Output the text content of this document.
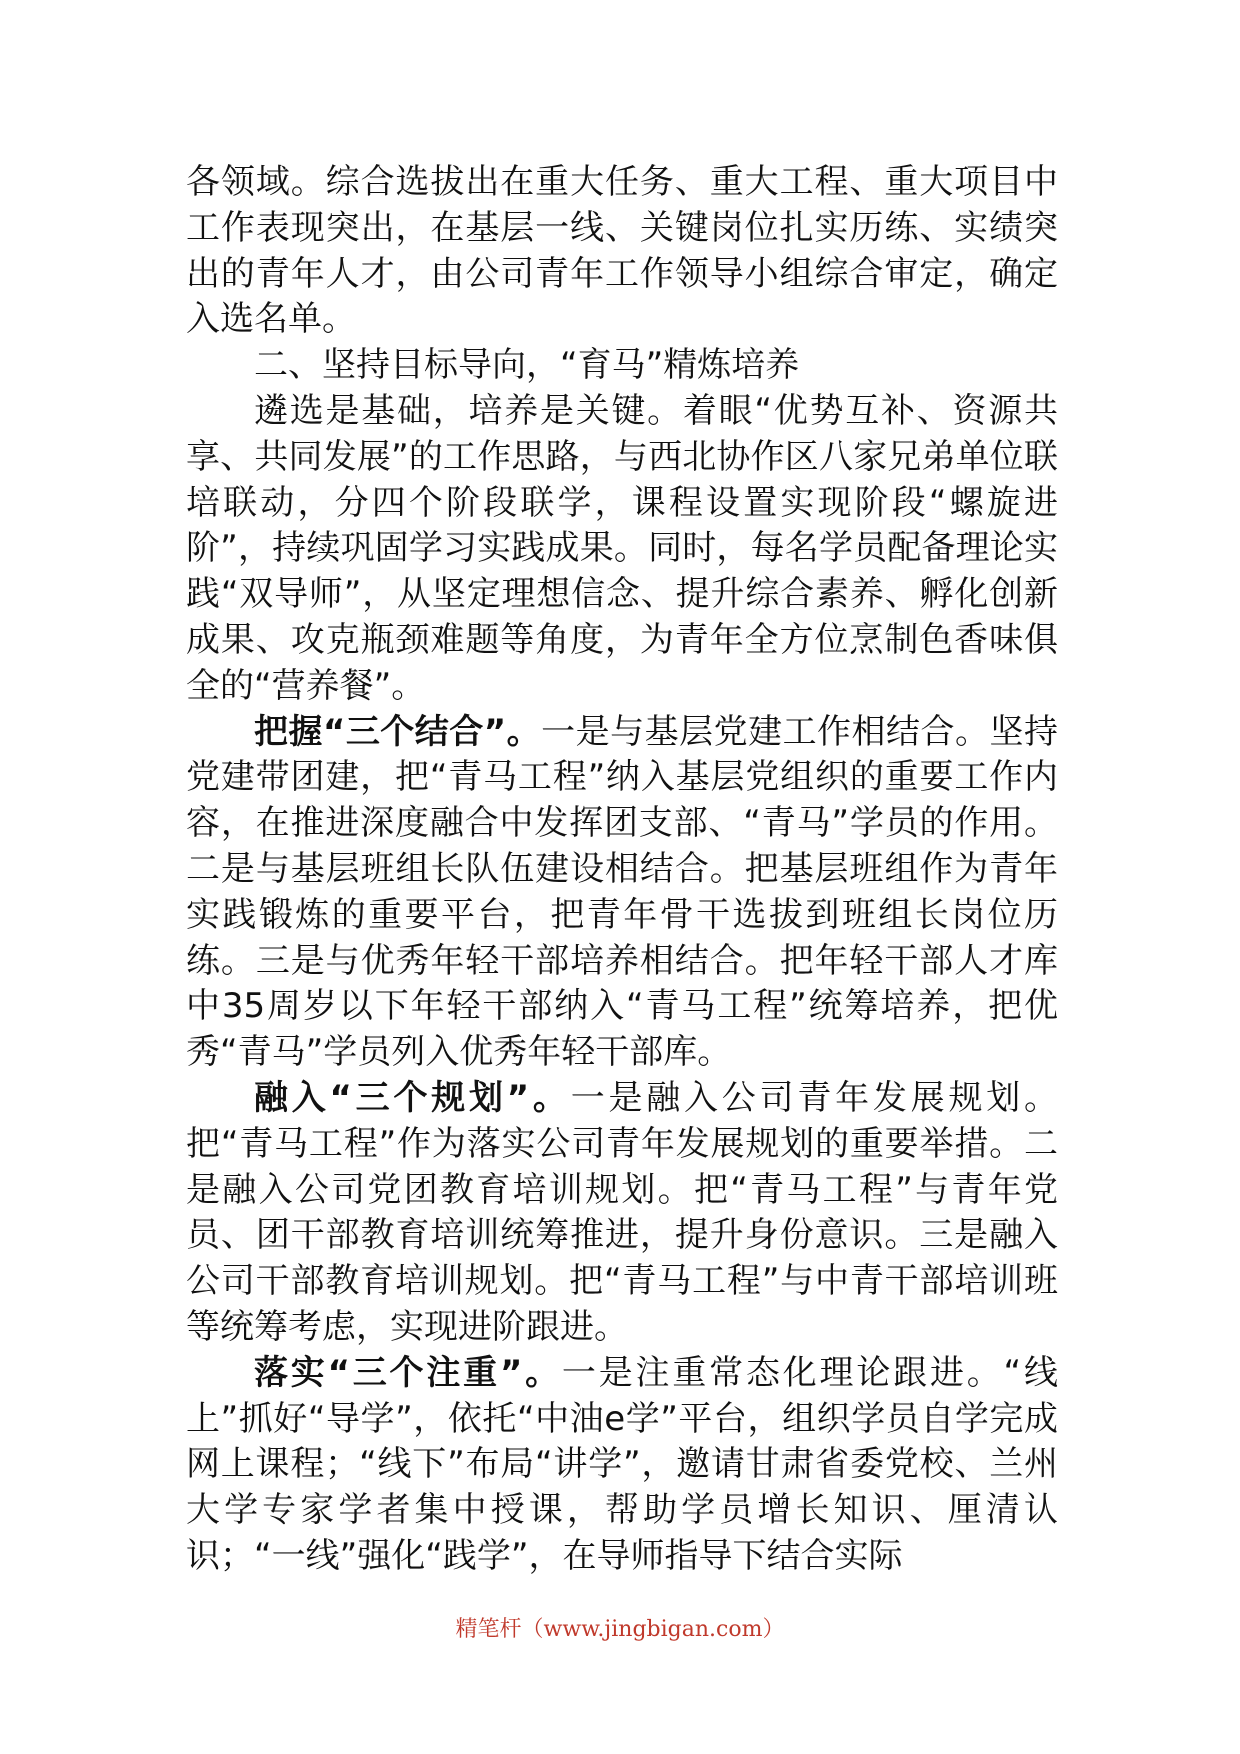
各领域。综合选拔出在重大任务、重大工程、重大项目中工作表现突出，在基层一线、关键岗位扎实历练、实绩突出的青年人才，由公司青年工作领导小组综合审定，确定入选名单。

二、坚持目标导向，“育马”精炼培养

遴选是基础，培养是关键。着眼“优势互补、资源共享、共同发展”的工作思路，与西北协作区八家兄弟单位联培联动，分四个阶段联学，课程设置实现阶段“螺旋进阶”，持续巩固学习实践成果。同时，每名学员配备理论实践“双导师”，从坚定理想信念、提升综合素养、孵化创新成果、攻克瓶颈难题等角度，为青年全方位烹制色香味俱全的“营养餐”。

把握“三个结合”。一是与基层党建工作相结合。坚持党建带团建，把“青马工程”纳入基层党组织的重要工作内容，在推进深度融合中发挥团支部、“青马”学员的作用。二是与基层班组长队伍建设相结合。把基层班组作为青年实践锻炼的重要平台，把青年骨干选拔到班组长岗位历练。三是与优秀年轻干部培养相结合。把年轻干部人才库中35周岁以下年轻干部纳入“青马工程”统筹培养，把优秀“青马”学员列入优秀年轻干部库。

融入“三个规划”。一是融入公司青年发展规划。把“青马工程”作为落实公司青年发展规划的重要举措。二是融入公司党团教育培训规划。把“青马工程”与青年党员、团干部教育培训统筹推进，提升身份意识。三是融入公司干部教育培训规划。把“青马工程”与中青干部培训班等统筹考虑，实现进阶跟进。

落实“三个注重”。一是注重常态化理论跟进。“线上”抓好“导学”，依托“中油e学”平台，组织学员自学完成网上课程；“线下”布局“讲学”，邀请甘肃省委党校、兰州大学专家学者集中授课，帮助学员增长知识、厘清认识；“一线”强化“践学”，在导师指导下结合实际

精笔杆（www.jingbigan.com）
